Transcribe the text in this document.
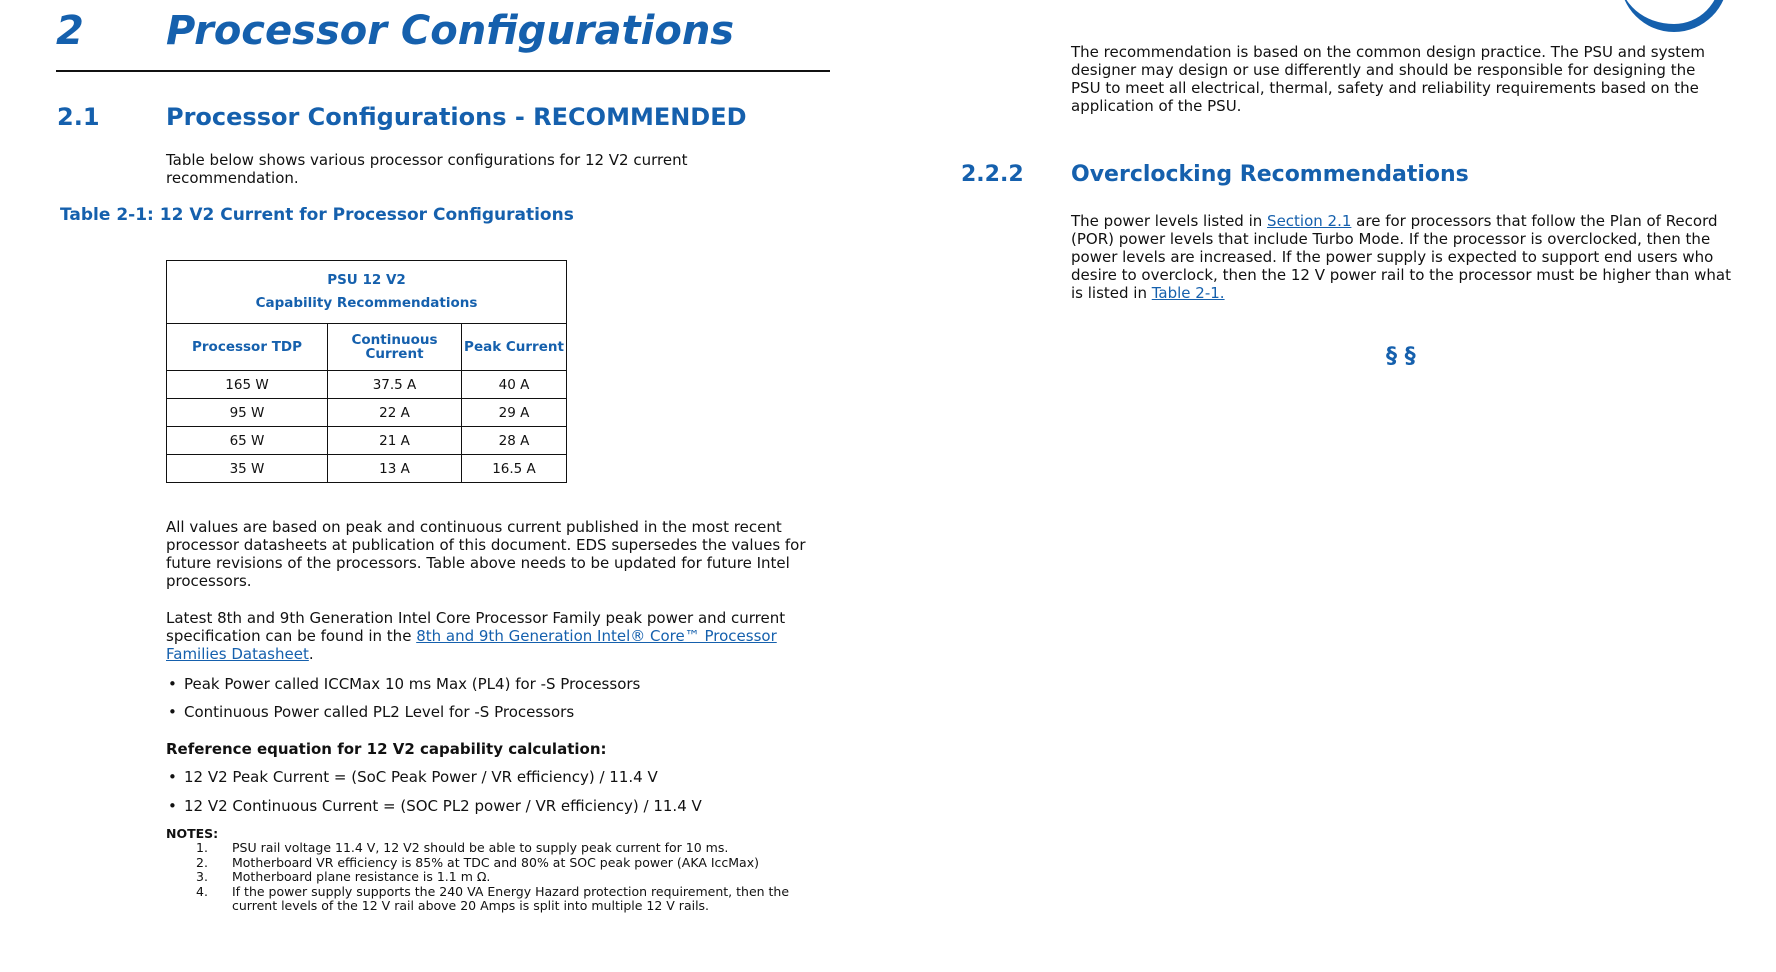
2 Processor Configurations
2.1	Processor Configurations - RECOMMENDED
Table below shows various processor configurations for 12 V2 current recommendation.
Table 2-1: 12 V2 Current for Processor Configurations
PSU 12 V2
Capability Recommendations		
Processor TDP	Continuous Current	Peak Current
165 W	37.5 A	40 A
95 W	22 A	29 A
65 W	21 A	28 A
35 W	13 A	16.5 A
All values are based on peak and continuous current published in the most recent processor datasheets at publication of this document. EDS supersedes the values for future revisions of the processors. Table above needs to be updated for future Intel processors.
Latest 8th and 9th Generation Intel Core Processor Family peak power and current specification can be found in the 8th and 9th Generation Intel® Core™ Processor Families Datasheet.
• Peak Power called ICCMax 10 ms Max (PL4) for -S Processors
• Continuous Power called PL2 Level for -S Processors
Reference equation for 12 V2 capability calculation:
• 12 V2 Peak Current = (SoC Peak Power / VR efficiency) / 11.4 V
• 12 V2 Continuous Current = (SOC PL2 power / VR efficiency) / 11.4 V
NOTES:
1. PSU rail voltage 11.4 V, 12 V2 should be able to supply peak current for 10 ms.
2. Motherboard VR efficiency is 85% at TDC and 80% at SOC peak power (AKA IccMax)
3. Motherboard plane resistance is 1.1 m Ω.
4. If the power supply supports the 240 VA Energy Hazard protection requirement, then the current levels of the 12 V rail above 20 Amps is split into multiple 12 V rails.
The recommendation is based on the common design practice. The PSU and system designer may design or use differently and should be responsible for designing the PSU to meet all electrical, thermal, safety and reliability requirements based on the application of the PSU.
2.2.2 Overclocking Recommendations
The power levels listed in Section 2.1 are for processors that follow the Plan of Record (POR) power levels that include Turbo Mode. If the processor is overclocked, then the power levels are increased. If the power supply is expected to support end users who desire to overclock, then the 12 V power rail to the processor must be higher than what is listed in Table 2-1.
§ §
